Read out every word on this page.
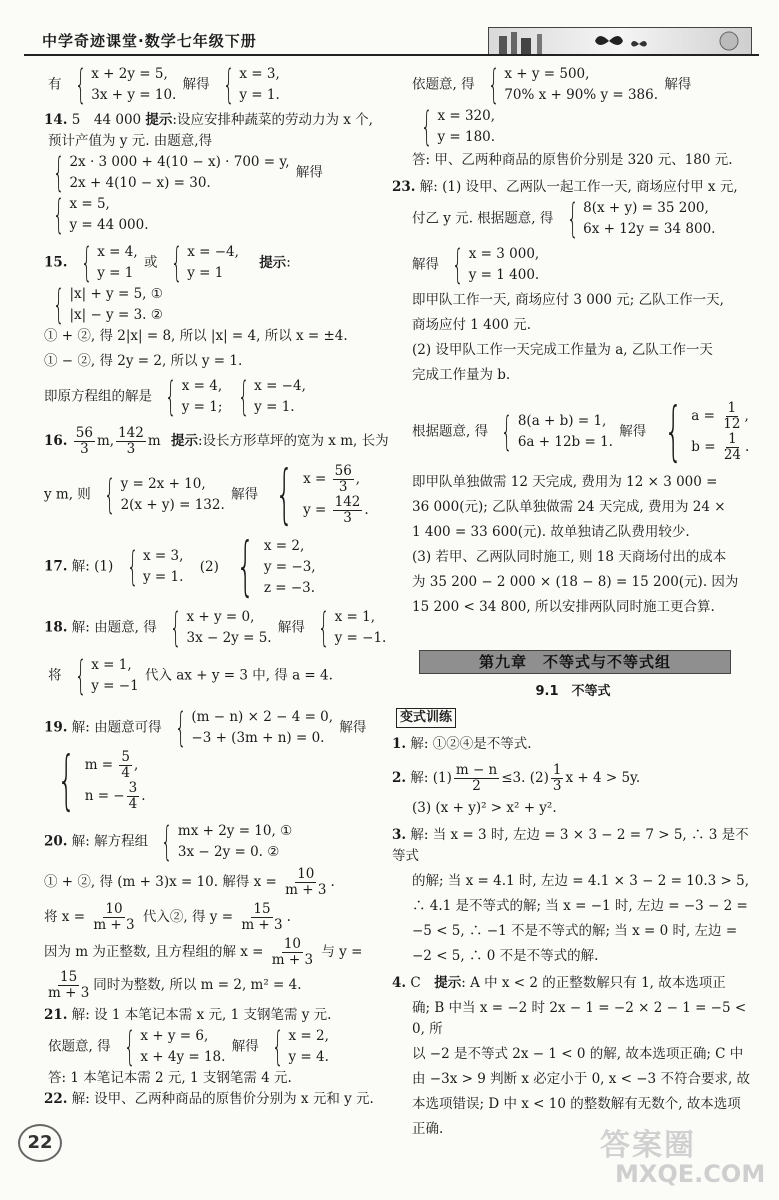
中学奇迹课堂·数学七年级下册
有 { x + 2y = 5,
3x + y = 10.
解得 { x = 3,
y = 1.
14. 5　44 000 提示:设应安排种蔬菜的劳动力为 x 个,
预计产值为 y 元. 由题意,得
{ 2x · 3 000 + 4(10 − x) · 700 = y,
2x + 4(10 − x) = 30.
解得
{ x = 5,
y = 44 000.
15. { x = 4,
y = 1
或 { x = −4,
y = 1
提示:
{ |x| + y = 5, ①
|x| − y = 3. ②
① + ②, 得 2|x| = 8, 所以 |x| = 4, 所以 x = ±4.
① − ②, 得 2y = 2, 所以 y = 1.
即原方程组的解是 { x = 4,
y = 1;
{ x = −4,
y = 1.
16. $\frac{56}{3} m$, $\frac{142}{3}$ m 提示:设长方形草坪的宽为 x m, 长为
y m, 则 { y = 2x + 10,
2(x + y) = 132.
解得 { $x = \frac{56}{3}$ ,
$y = \frac{142}{3}$ .
17. 解: (1) { x = 3,
y = 1.
(2) { x = 2,
y = −3,
z = −3.
18. 解: 由题意, 得 { x + y = 0,
3x − 2y = 5.
解得 { x = 1,
y = −1.
将 { x = 1,
y = −1
代入 ax + y = 3 中, 得 a = 4.
19. 解: 由题意可得 { (m − n) × 2 − 4 = 0,
−3 + (3m + n) = 0.
解得
{ $m = \frac{5}{4}$ ,
n = − $\frac{3}{4}$ .
20. 解: 解方程组 { mx + 2y = 10, ①
3x − 2y = 0. ②
① + ②, 得 (m + 3)x = 10. 解得 $x = \frac{10}{m + 3}$ .
将 $x = \frac{10}{m + 3}$ 代入②, 得 $y = \frac{15}{m + 3}$ .
因为 m 为正整数, 且方程组的解 $x = \frac{10}{m + 3}$ 与 y =
$\frac{15}{m + 3}$ 同时为整数, 所以 m = 2, m² = 4.
21. 解: 设 1 本笔记本需 x 元, 1 支钢笔需 y 元.
依题意, 得 { x + y = 6,
x + 4y = 18.
解得 { x = 2,
y = 4.
答: 1 本笔记本需 2 元, 1 支钢笔需 4 元.
22. 解: 设甲、乙两种商品的原售价分别为 x 元和 y 元.
依题意, 得 { x + y = 500,
70% x + 90% y = 386.
解得
{ x = 320,
y = 180.
答: 甲、乙两种商品的原售价分别是 320 元、180 元.
23. 解: (1) 设甲、乙两队一起工作一天, 商场应付甲 x 元,
付乙 y 元. 根据题意, 得 { 8(x + y) = 35 200,
6x + 12y = 34 800.
解得 { x = 3 000,
y = 1 400.
即甲队工作一天, 商场应付 3 000 元; 乙队工作一天,
商场应付 1 400 元.
(2) 设甲队工作一天完成工作量为 a, 乙队工作一天
完成工作量为 b.
根据题意, 得 { 8(a + b) = 1,
6a + 12b = 1.
解得 { $a = \frac{1}{12}$ ,
$b = \frac{1}{24}$ .
即甲队单独做需 12 天完成, 费用为 12 × 3 000 =
36 000(元); 乙队单独做需 24 天完成, 费用为 24 ×
1 400 = 33 600(元). 故单独请乙队费用较少.
(3) 若甲、乙两队同时施工, 则 18 天商场付出的成本
为 35 200 − 2 000 × (18 − 8) = 15 200(元). 因为
15 200 < 34 800, 所以安排两队同时施工更合算.
第九章　不等式与不等式组
9.1　不等式
变式训练
1. 解: ①②④是不等式.
2. 解: $(1) \frac{m - n}{2} \le 3$. $(2) \frac{1}{3}$ x + 4 > 5y.
(3) (x + y)² > x² + y².
3. 解: 当 x = 3 时, 左边 = 3 × 3 − 2 = 7 > 5, ∴ 3 是不等式
的解; 当 x = 4.1 时, 左边 = 4.1 × 3 − 2 = 10.3 > 5,
∴ 4.1 是不等式的解; 当 x = −1 时, 左边 = −3 − 2 =
−5 < 5, ∴ −1 不是不等式的解; 当 x = 0 时, 左边 =
−2 < 5, ∴ 0 不是不等式的解.
4. C　提示: A 中 x < 2 的正整数解只有 1, 故本选项正
确; B 中当 x = −2 时 2x − 1 = −2 × 2 − 1 = −5 < 0, 所
以 −2 是不等式 2x − 1 < 0 的解, 故本选项正确; C 中
由 −3x > 9 判断 x 必定小于 0, x < −3 不符合要求, 故
本选项错误; D 中 x < 10 的整数解有无数个, 故本选项
正确.
22	答案圈
MXQE.COM
